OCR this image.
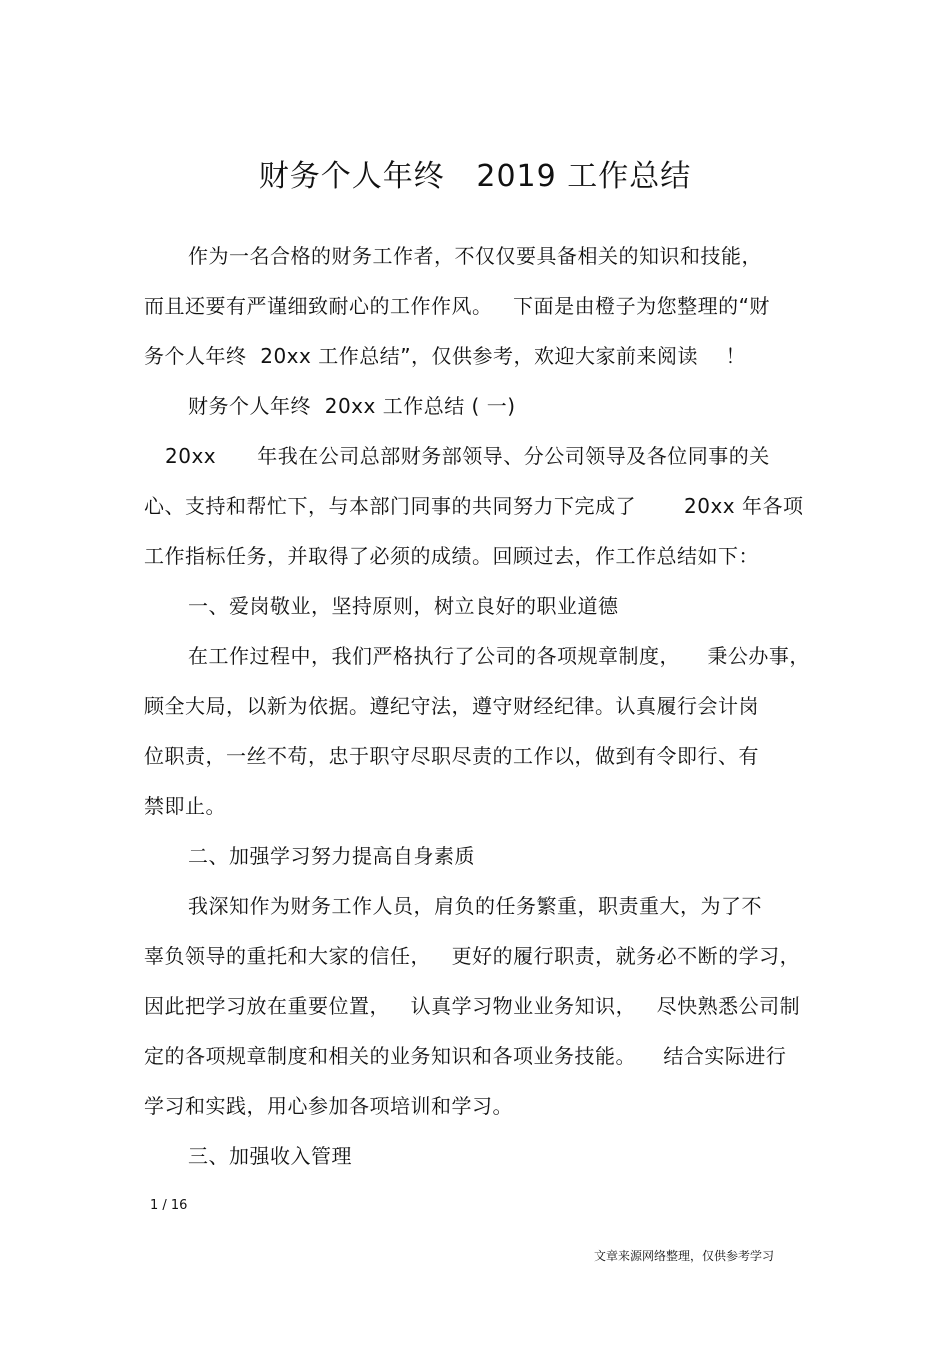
财务个人年终   2019 工作总结
作为一名合格的财务工作者，不仅仅要具备相关的知识和技能，
而且还要有严谨细致耐心的工作作风。   下面是由橙子为您整理的“财
务个人年终  20xx 工作总结”，仅供参考，欢迎大家前来阅读    ！
财务个人年终  20xx 工作总结 ( 一)
20xx      年我在公司总部财务部领导、分公司领导及各位同事的关
心、支持和帮忙下，与本部门同事的共同努力下完成了       20xx 年各项
工作指标任务，并取得了必须的成绩。回顾过去，作工作总结如下：
一、爱岗敬业，坚持原则，树立良好的职业道德
在工作过程中，我们严格执行了公司的各项规章制度，    秉公办事，
顾全大局，以新为依据。遵纪守法，遵守财经纪律。认真履行会计岗
位职责，一丝不苟，忠于职守尽职尽责的工作以，做到有令即行、有
禁即止。
二、加强学习努力提高自身素质
我深知作为财务工作人员，肩负的任务繁重，职责重大，为了不
辜负领导的重托和大家的信任，   更好的履行职责，就务必不断的学习，
因此把学习放在重要位置，   认真学习物业业务知识，   尽快熟悉公司制
定的各项规章制度和相关的业务知识和各项业务技能。    结合实际进行
学习和实践，用心参加各项培训和学习。
三、加强收入管理
1 / 16
文章来源网络整理，仅供参考学习
